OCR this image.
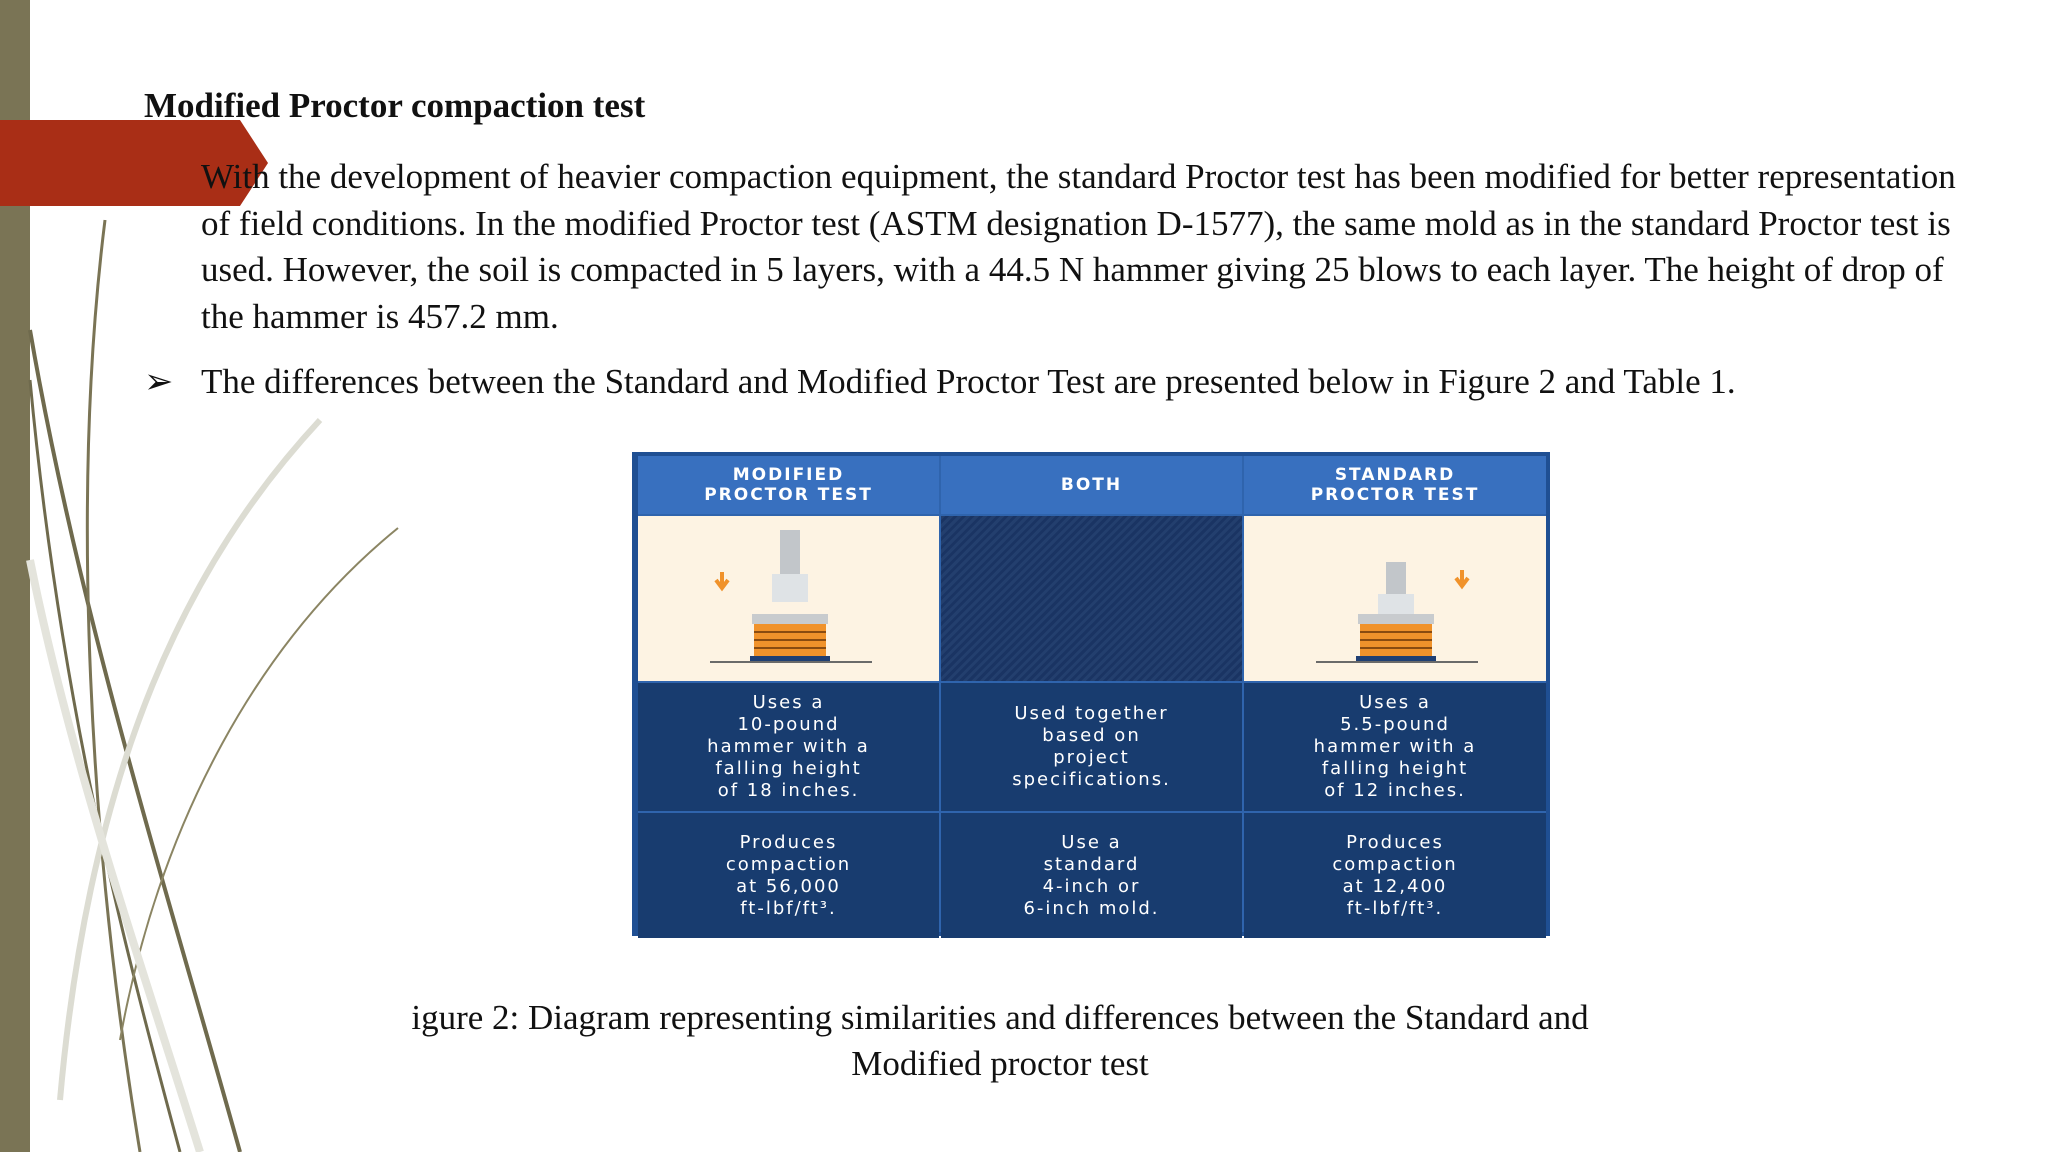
Modified Proctor compaction test

With the development of heavier compaction equipment, the standard Proctor test has been modified for better representation of field conditions. In the modified Proctor test (ASTM designation D-1577), the same mold as in the standard Proctor test is used. However, the soil is compacted in 5 layers, with a 44.5 N hammer giving 25 blows to each layer. The height of drop of the hammer is 457.2 mm.

➢ The differences between the Standard and Modified Proctor Test are presented below in Figure 2 and Table 1.
MODIFIED
PROCTOR TEST	BOTH	STANDARD
PROCTOR TEST
Uses a
10-pound
hammer with a
falling height
of 18 inches.
Used together
based on
project
specifications.
Uses a
5.5-pound
hammer with a
falling height
of 12 inches.
Produces
compaction
at 56,000
ft-lbf/ft³.
Use a
standard
4-inch or
6-inch mold.
Produces
compaction
at 12,400
ft-lbf/ft³.
igure 2: Diagram representing similarities and differences between the Standard and
Modified proctor test
